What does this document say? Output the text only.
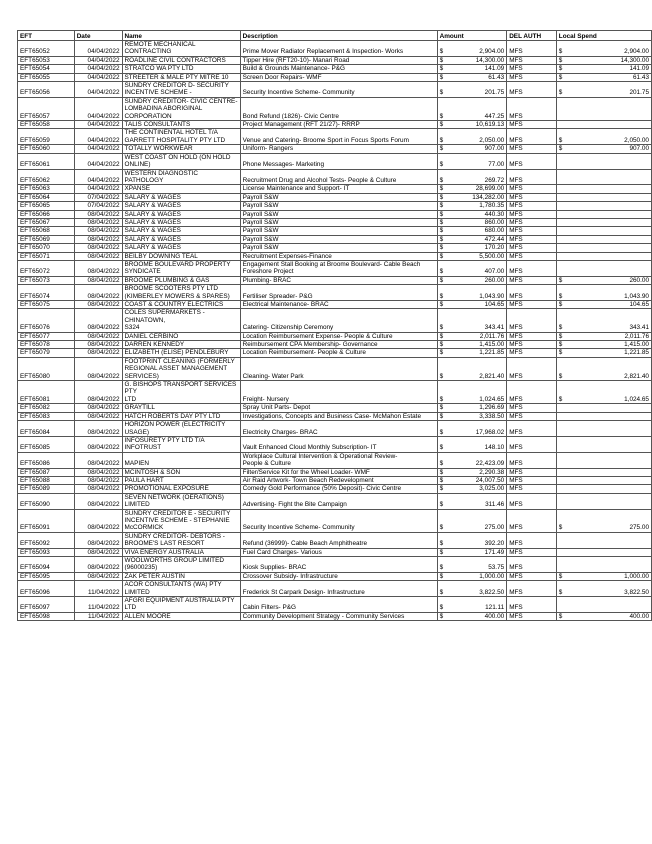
EFT	Date	Name	Description	Amount	DEL AUTH	Local Spend
EFT65052	04/04/2022	REMOTE MECHANICAL CONTRACTING	Prime Mover Radiator Replacement & Inspection- Works	$ 2,904.00	MFS	$ 2,904.00

EFT65053	04/04/2022	ROADLINE CIVIL CONTRACTORS	Tipper Hire (RFT20-10)- Manari Road	$ 14,300.00	MFS	$ 14,300.00

EFT65054	04/04/2022	STRATCO WA PTY LTD	Build & Grounds Maintenance- P&G	$ 141.09	MFS	$ 141.09

EFT65055	04/04/2022	STREETER & MALE PTY MITRE 10	Screen Door Repairs- WMF	$ 61.43	MFS	$ 61.43

EFT65056	04/04/2022	SUNDRY CREDITOR D- SECURITY
INCENTIVE SCHEME -	Security Incentive Scheme- Community	$ 201.75	MFS	$ 201.75

EFT65057	04/04/2022	SUNDRY CREDITOR- CIVIC CENTRE-
LOMBADINA ABORIGINAL
CORPORATION	Bond Refund (1826)- Civic Centre	$ 447.25	MFS	
EFT65058	04/04/2022	TALIS CONSULTANTS	Project Management (RFT 21/27)- RRRP	$ 10,619.13	MFS	
EFT65059	04/04/2022	THE CONTINENTAL HOTEL T/A
GARRETT HOSPITALITY PTY LTD	Venue and Catering- Broome Sport in Focus Sports Forum	$ 2,050.00	MFS	$ 2,050.00

EFT65060	04/04/2022	TOTALLY WORKWEAR	Uniform- Rangers	$ 907.00	MFS	$ 907.00

EFT65061	04/04/2022	WEST COAST ON HOLD (ON HOLD
ONLINE)	Phone Messages- Marketing	$ 77.00	MFS	
EFT65062	04/04/2022	WESTERN DIAGNOSTIC PATHOLOGY	Recruitment Drug and Alcohol Tests- People & Culture	$ 269.72	MFS	
EFT65063	04/04/2022	XPANSE	License Maintenance and Support- IT	$ 28,699.00	MFS	
EFT65064	07/04/2022	SALARY & WAGES	Payroll S&W	$ 134,282.00	MFS	
EFT65065	07/04/2022	SALARY & WAGES	Payroll S&W	$ 1,780.35	MFS	
EFT65066	08/04/2022	SALARY & WAGES	Payroll S&W	$ 440.30	MFS	
EFT65067	08/04/2022	SALARY & WAGES	Payroll S&W	$ 860.00	MFS	
EFT65068	08/04/2022	SALARY & WAGES	Payroll S&W	$ 680.00	MFS	
EFT65069	08/04/2022	SALARY & WAGES	Payroll S&W	$ 472.44	MFS	
EFT65070	08/04/2022	SALARY & WAGES	Payroll S&W	$ 170.20	MFS	
EFT65071	08/04/2022	BEILBY DOWNING TEAL	Recruitment Expenses-Finance	$ 5,500.00	MFS	
EFT65072	08/04/2022	BROOME BOULEVARD PROPERTY
SYNDICATE	Engagement Stall Booking at Broome Boulevard- Cable Beach
Foreshore Project	$ 407.00	MFS	
EFT65073	08/04/2022	BROOME PLUMBING & GAS	Plumbing- BRAC	$ 260.00	MFS	$ 260.00

EFT65074	08/04/2022	BROOME SCOOTERS PTY LTD
(KIMBERLEY MOWERS & SPARES)	Fertiliser Spreader- P&G	$ 1,043.90	MFS	$ 1,043.90

EFT65075	08/04/2022	COAST & COUNTRY ELECTRICS	Electrical Maintenance- BRAC	$ 104.65	MFS	$ 104.65

EFT65076	08/04/2022	COLES SUPERMARKETS - CHINATOWN,
S324	Catering- Citizenship Ceremony	$ 343.41	MFS	$ 343.41

EFT65077	08/04/2022	DANIEL CERBINO	Location Reimbursement Expense- People & Culture	$ 2,011.76	MFS	$ 2,011.76

EFT65078	08/04/2022	DARREN KENNEDY	Reimbursement CPA Membership- Governance	$ 1,415.00	MFS	$ 1,415.00

EFT65079	08/04/2022	ELIZABETH (ELISE) PENDLEBURY	Location Reimbursement- People & Culture	$ 1,221.85	MFS	$ 1,221.85

EFT65080	08/04/2022	FOOTPRINT CLEANING (FORMERLY
REGIONAL ASSET MANAGEMENT
SERVICES)	Cleaning- Water Park	$ 2,821.40	MFS	$ 2,821.40

EFT65081	08/04/2022	G. BISHOPS TRANSPORT SERVICES PTY
LTD	Freight- Nursery	$ 1,024.65	MFS	$ 1,024.65

EFT65082	08/04/2022	GRAYTILL	Spray Unit Parts- Depot	$ 1,296.69	MFS	
EFT65083	08/04/2022	HATCH ROBERTS DAY PTY LTD	Investigations, Concepts and Business Case- McMahon Estate	$ 3,338.50	MFS	
EFT65084	08/04/2022	HORIZON POWER (ELECTRICITY
USAGE)	Electricity Charges- BRAC	$ 17,968.02	MFS	
EFT65085	08/04/2022	INFOSURETY PTY LTD T/A INFOTRUST	Vault Enhanced Cloud Monthly Subscription- IT	$ 148.10	MFS	
EFT65086	08/04/2022	MAPIEN	Workplace Cultural Intervention & Operational Review-
People & Culture	$ 22,423.09	MFS	
EFT65087	08/04/2022	MCINTOSH & SON	Filter/Service Kit for the Wheel Loader- WMF	$ 2,290.38	MFS	
EFT65088	08/04/2022	PAULA HART	Air Raid Artwork- Town Beach Redevelopment	$ 24,007.50	MFS	
EFT65089	08/04/2022	PROMOTIONAL EXPOSURE	Comedy Gold Performance (50% Deposit)- Civic Centre	$ 3,025.00	MFS	
EFT65090	08/04/2022	SEVEN NETWORK (OERATIONS)
LIMITED	Advertising- Fight the Bite Campaign	$ 311.46	MFS	
EFT65091	08/04/2022	SUNDRY CREDITOR E - SECURITY
INCENTIVE SCHEME - STEPHANIE
McCORMICK	Security Incentive Scheme- Community	$ 275.00	MFS	$ 275.00

EFT65092	08/04/2022	SUNDRY CREDITOR- DEBTORS -
BROOME'S LAST RESORT	Refund (36999)- Cable Beach Amphitheatre	$ 392.20	MFS	
EFT65093	08/04/2022	VIVA ENERGY AUSTRALIA	Fuel Card Charges- Various	$ 171.49	MFS	
EFT65094	08/04/2022	WOOLWORTHS GROUP LIMITED
(96000235)	Kiosk Supplies- BRAC	$ 53.75	MFS	
EFT65095	08/04/2022	ZAK PETER AUSTIN	Crossover Subsidy- Infrastructure	$ 1,000.00	MFS	$ 1,000.00

EFT65096	11/04/2022	ACOR CONSULTANTS (WA) PTY
LIMITED	Frederick St Carpark Design- Infrastructure	$ 3,822.50	MFS	$ 3,822.50

EFT65097	11/04/2022	AFGRI EQUIPMENT AUSTRALIA PTY
LTD	Cabin Filters- P&G	$ 121.11	MFS	
EFT65098	11/04/2022	ALLEN MOORE	Community Development Strategy - Community Services	$ 400.00	MFS	$ 400.00
